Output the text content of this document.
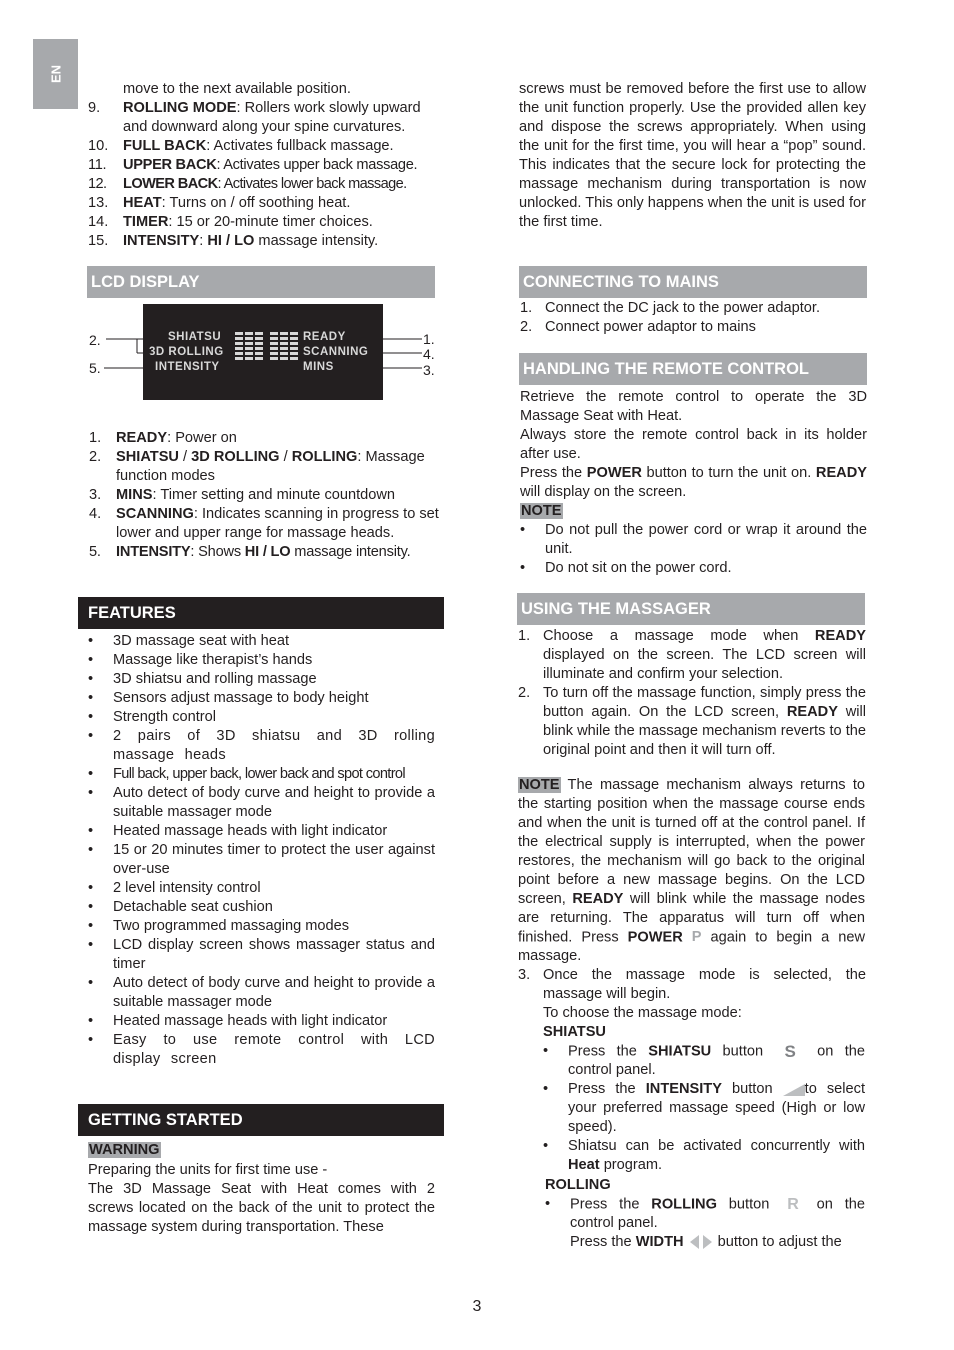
EN
move to the next available position.
9. ROLLING MODE: Rollers work slowly upward and downward along your spine curvatures.
10. FULL BACK: Activates fullback massage.
11. UPPER BACK: Activates upper back massage.
12. LOWER BACK: Activates lower back massage.
13. HEAT: Turns on / off soothing heat.
14. TIMER: 15 or 20-minute timer choices.
15. INTENSITY: HI / LO massage intensity.
LCD DISPLAY
SHIATSU
3D ROLLING
INTENSITY
READY
SCANNING
MINS
2.
5.
1.
4.
3.
1. READY: Power on
2. SHIATSU / 3D ROLLING / ROLLING: Massage function modes
3. MINS: Timer setting and minute countdown
4. SCANNING: Indicates scanning in progress to set lower and upper range for massage heads.
5. INTENSITY: Shows HI / LO massage intensity.
FEATURES
• 3D massage seat with heat
• Massage like therapist’s hands
• 3D shiatsu and rolling massage
• Sensors adjust massage to body height
• Strength control
• 2 pairs of 3D shiatsu and 3D rolling massage heads
• Full back, upper back, lower back and spot control
• Auto detect of body curve and height to provide a suitable massager mode
• Heated massage heads with light indicator
• 15 or 20 minutes timer to protect the user against over-use
• 2 level intensity control
• Detachable seat cushion
• Two programmed massaging modes
• LCD display screen shows massager status and timer
• Auto detect of body curve and height to provide a suitable massager mode
• Heated massage heads with light indicator
• Easy to use remote control with LCD display screen
GETTING STARTED
WARNING
Preparing the units for first time use -
The 3D Massage Seat with Heat comes with 2 screws located on the back of the unit to protect the massage system during transportation. These
screws must be removed before the first use to allow the unit function properly. Use the provided allen key and dispose the screws appropriately. When using the unit for the first time, you will hear a “pop” sound. This indicates that the secure lock for protecting the massage mechanism during transportation is now unlocked. This only happens when the unit is used for the first time.
CONNECTING TO MAINS
1. Connect the DC jack to the power adaptor.
2. Connect power adaptor to mains
HANDLING THE REMOTE CONTROL
Retrieve the remote control to operate the 3D Massage Seat with Heat.
Always store the remote control back in its holder after use.
Press the POWER button to turn the unit on. READY will display on the screen.
NOTE
• Do not pull the power cord or wrap it around the unit.
• Do not sit on the power cord.
USING THE MASSAGER
1. Choose a massage mode when READY displayed on the screen. The LCD screen will illuminate and confirm your selection.
2. To turn off the massage function, simply press the button again. On the LCD screen, READY will blink while the massage mechanism reverts to the original point and then it will turn off.
NOTE The massage mechanism always returns to the starting position when the massage course ends and when the unit is turned off at the control panel. If the electrical supply is interrupted, when the power restores, the mechanism will go back to the original point before a new massage begins. On the LCD screen, READY will blink while the massage nodes are returning. The apparatus will turn off when finished. Press POWER P again to begin a new massage.
3. Once the massage mode is selected, the massage will begin.
To choose the massage mode:
SHIATSU
• Press the SHIATSU button S on the control panel.
• Press the INTENSITY button to select your preferred massage speed (High or low speed).
• Shiatsu can be activated concurrently with Heat program.
ROLLING
• Press the ROLLING button R on the control panel.
Press the WIDTH  button to adjust the
3
